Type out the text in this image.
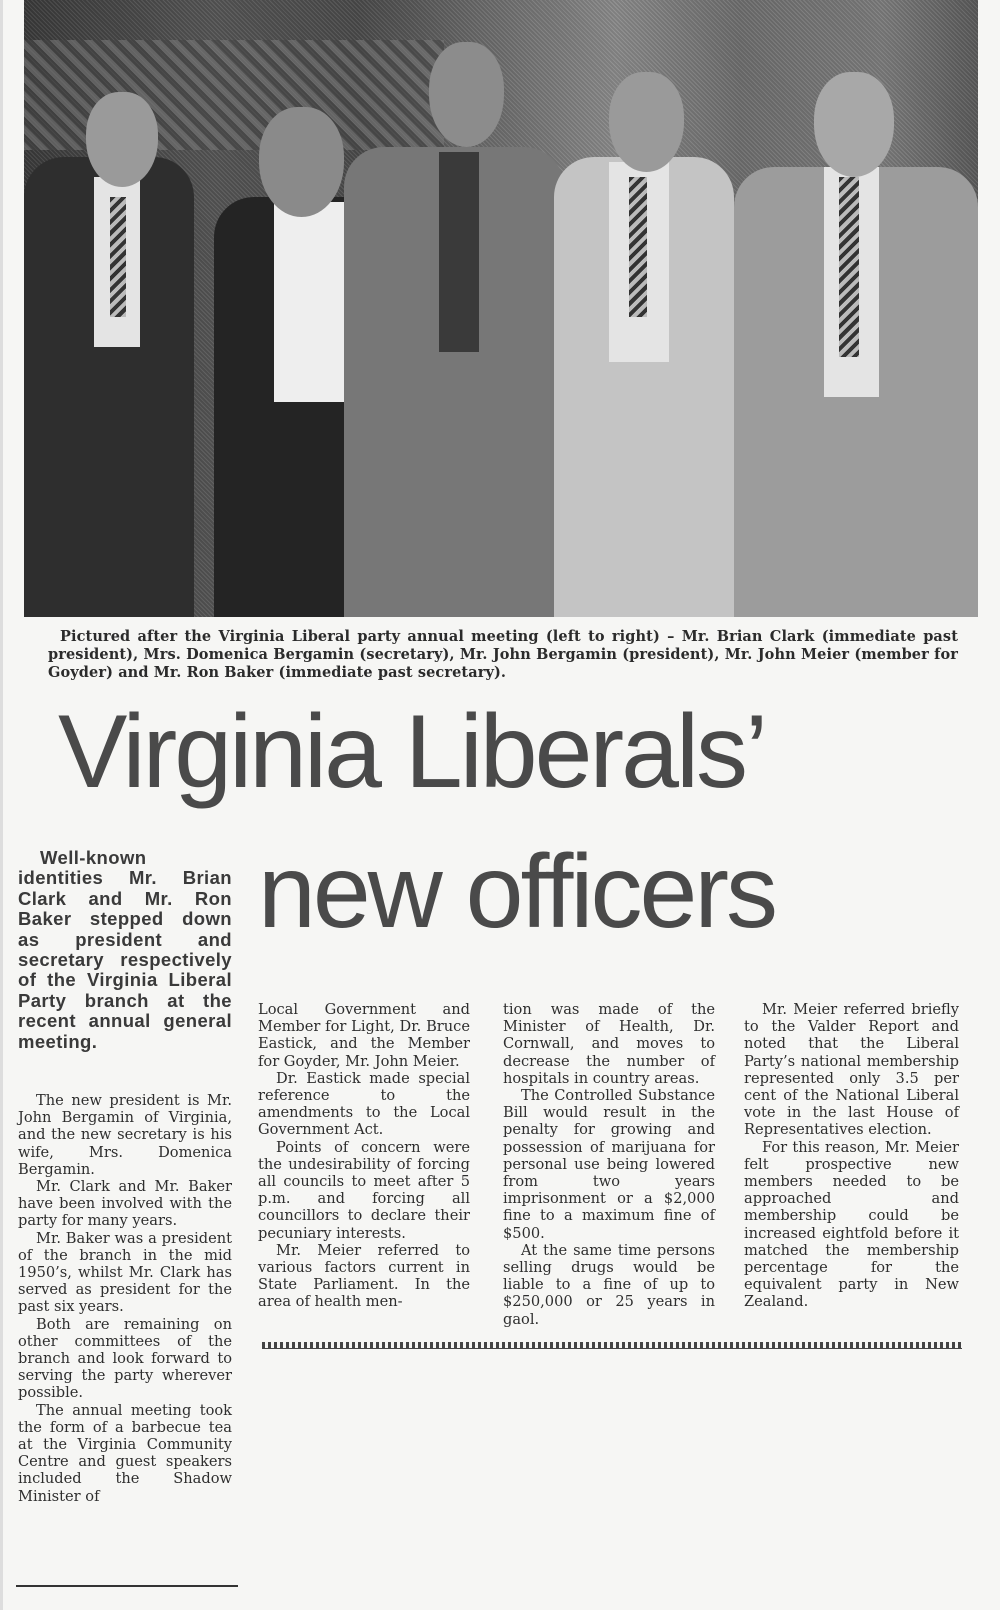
Pictured after the Virginia Liberal party annual meeting (left to right) – Mr. Brian Clark (immediate past president), Mrs. Domenica Bergamin (secretary), Mr. John Bergamin (president), Mr. John Meier (member for Goyder) and Mr. Ron Baker (immediate past secretary).
Virginia Liberals’
new officers
Well-known identities Mr. Brian Clark and Mr. Ron Baker stepped down as president and secretary respectively of the Virginia Liberal Party branch at the recent annual general meeting.

The new president is Mr. John Bergamin of Virginia, and the new secretary is his wife, Mrs. Domenica Bergamin.

Mr. Clark and Mr. Baker have been involved with the party for many years.

Mr. Baker was a president of the branch in the mid 1950’s, whilst Mr. Clark has served as president for the past six years.

Both are remaining on other committees of the branch and look forward to serving the party wherever possible.

The annual meeting took the form of a barbecue tea at the Virginia Community Centre and guest speakers included the Shadow Minister of

Local Government and Member for Light, Dr. Bruce Eastick, and the Member for Goyder, Mr. John Meier.

Dr. Eastick made special reference to the amendments to the Local Government Act.

Points of concern were the undesirability of forcing all councils to meet after 5 p.m. and forcing all councillors to declare their pecuniary interests.

Mr. Meier referred to various factors current in State Parliament. In the area of health men-

tion was made of the Minister of Health, Dr. Cornwall, and moves to decrease the number of hospitals in country areas.

The Controlled Substance Bill would result in the penalty for growing and possession of marijuana for personal use being lowered from two years imprisonment or a $2,000 fine to a maximum fine of $500.

At the same time persons selling drugs would be liable to a fine of up to $250,000 or 25 years in gaol.

Mr. Meier referred briefly to the Valder Report and noted that the Liberal Party’s national membership represented only 3.5 per cent of the National Liberal vote in the last House of Representatives election.

For this reason, Mr. Meier felt prospective new members needed to be approached and membership could be increased eightfold before it matched the membership percentage for the equivalent party in New Zealand.
